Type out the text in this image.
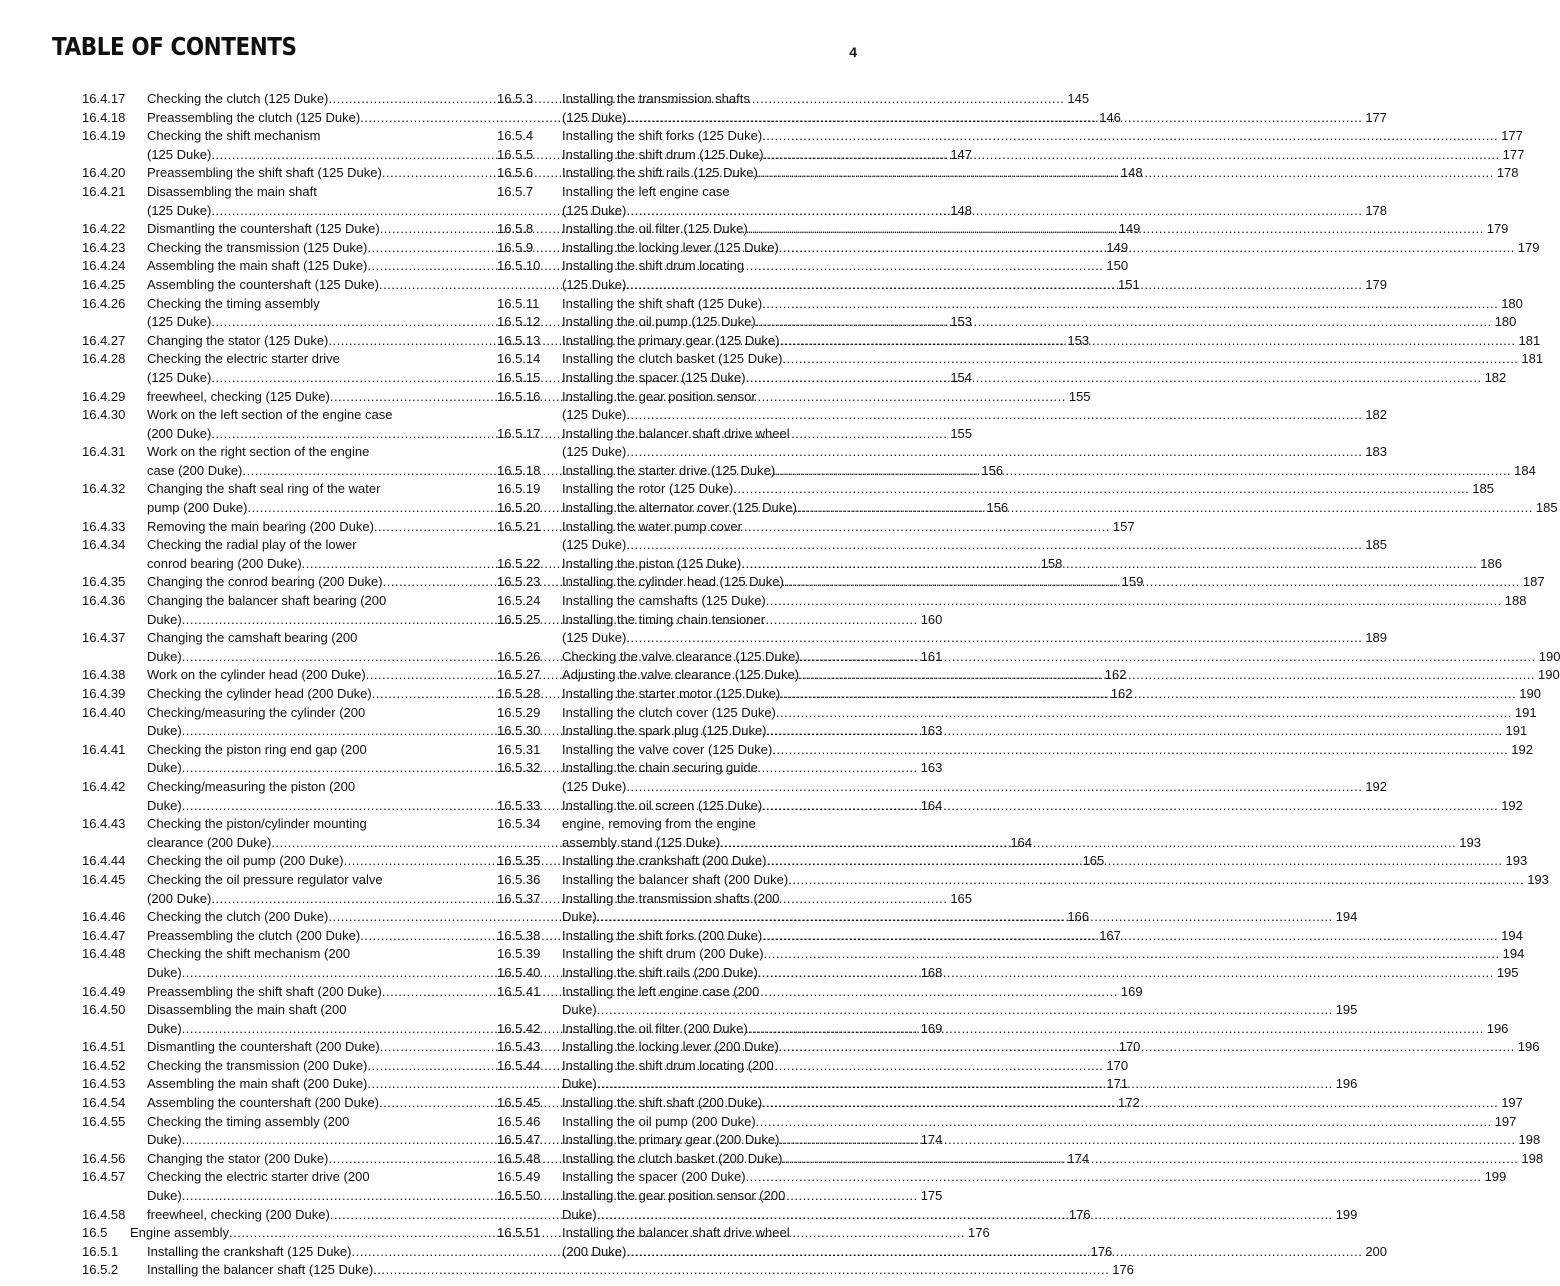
TABLE OF CONTENTS	4
16.4.17	Checking the clutch (125 Duke) .....	145
16.4.18	Preassembling the clutch (125 Duke) .....	146
16.4.19	Checking the shift mechanism
(125 Duke) .....	147
16.4.20	Preassembling the shift shaft (125 Duke) .....	148
16.4.21	Disassembling the main shaft
(125 Duke) .....	148
16.4.22	Dismantling the countershaft (125 Duke) .....	149
16.4.23	Checking the transmission (125 Duke) .....	149
16.4.24	Assembling the main shaft (125 Duke) .....	150
16.4.25	Assembling the countershaft (125 Duke) .....	151
16.4.26	Checking the timing assembly
(125 Duke) .....	153
16.4.27	Changing the stator (125 Duke) .....	153
16.4.28	Checking the electric starter drive
(125 Duke) .....	154
16.4.29	freewheel, checking (125 Duke) .....	155
16.4.30	Work on the left section of the engine case
(200 Duke) .....	155
16.4.31	Work on the right section of the engine
case (200 Duke) .....	156
16.4.32	Changing the shaft seal ring of the water
pump (200 Duke) .....	156
16.4.33	Removing the main bearing (200 Duke) .....	157
16.4.34	Checking the radial play of the lower
conrod bearing (200 Duke) .....	158
16.4.35	Changing the conrod bearing (200 Duke) .....	159
16.4.36	Changing the balancer shaft bearing (200
Duke) .....	160
16.4.37	Changing the camshaft bearing (200
Duke) .....	161
16.4.38	Work on the cylinder head (200 Duke) .....	162
16.4.39	Checking the cylinder head (200 Duke) .....	162
16.4.40	Checking/measuring the cylinder (200
Duke) .....	163
16.4.41	Checking the piston ring end gap (200
Duke) .....	163
16.4.42	Checking/measuring the piston (200
Duke) .....	164
16.4.43	Checking the piston/cylinder mounting
clearance (200 Duke) .....	164
16.4.44	Checking the oil pump (200 Duke) .....	165
16.4.45	Checking the oil pressure regulator valve
(200 Duke) .....	165
16.4.46	Checking the clutch (200 Duke) .....	166
16.4.47	Preassembling the clutch (200 Duke) .....	167
16.4.48	Checking the shift mechanism (200
Duke) .....	168
16.4.49	Preassembling the shift shaft (200 Duke) .....	169
16.4.50	Disassembling the main shaft (200
Duke) .....	169
16.4.51	Dismantling the countershaft (200 Duke) .....	170
16.4.52	Checking the transmission (200 Duke) .....	170
16.4.53	Assembling the main shaft (200 Duke) .....	171
16.4.54	Assembling the countershaft (200 Duke) .....	172
16.4.55	Checking the timing assembly (200
Duke) .....	174
16.4.56	Changing the stator (200 Duke) .....	174
16.4.57	Checking the electric starter drive (200
Duke) .....	175
16.4.58	freewheel, checking (200 Duke) .....	176
16.5	Engine assembly .....	176
16.5.1	Installing the crankshaft (125 Duke) .....	176
16.5.2	Installing the balancer shaft (125 Duke) .....	176
16.5.3	Installing the transmission shafts
(125 Duke) .....	177
16.5.4	Installing the shift forks (125 Duke) .....	177
16.5.5	Installing the shift drum (125 Duke) .....	177
16.5.6	Installing the shift rails (125 Duke) .....	178
16.5.7	Installing the left engine case
(125 Duke) .....	178
16.5.8	Installing the oil filter (125 Duke) .....	179
16.5.9	Installing the locking lever (125 Duke) .....	179
16.5.10	Installing the shift drum locating
(125 Duke) .....	179
16.5.11	Installing the shift shaft (125 Duke) .....	180
16.5.12	Installing the oil pump (125 Duke) .....	180
16.5.13	Installing the primary gear (125 Duke) .....	181
16.5.14	Installing the clutch basket (125 Duke) .....	181
16.5.15	Installing the spacer (125 Duke) .....	182
16.5.16	Installing the gear position sensor
(125 Duke) .....	182
16.5.17	Installing the balancer shaft drive wheel
(125 Duke) .....	183
16.5.18	Installing the starter drive (125 Duke) .....	184
16.5.19	Installing the rotor (125 Duke) .....	185
16.5.20	Installing the alternator cover (125 Duke) .....	185
16.5.21	Installing the water pump cover
(125 Duke) .....	185
16.5.22	Installing the piston (125 Duke) .....	186
16.5.23	Installing the cylinder head (125 Duke) .....	187
16.5.24	Installing the camshafts (125 Duke) .....	188
16.5.25	Installing the timing chain tensioner
(125 Duke) .....	189
16.5.26	Checking the valve clearance (125 Duke) .....	190
16.5.27	Adjusting the valve clearance (125 Duke) .....	190
16.5.28	Installing the starter motor (125 Duke) .....	190
16.5.29	Installing the clutch cover (125 Duke) .....	191
16.5.30	Installing the spark plug (125 Duke) .....	191
16.5.31	Installing the valve cover (125 Duke) .....	192
16.5.32	Installing the chain securing guide
(125 Duke) .....	192
16.5.33	Installing the oil screen (125 Duke) .....	192
16.5.34	engine, removing from the engine
assembly stand (125 Duke) .....	193
16.5.35	Installing the crankshaft (200 Duke) .....	193
16.5.36	Installing the balancer shaft (200 Duke) .....	193
16.5.37	Installing the transmission shafts (200
Duke) .....	194
16.5.38	Installing the shift forks (200 Duke) .....	194
16.5.39	Installing the shift drum (200 Duke) .....	194
16.5.40	Installing the shift rails (200 Duke) .....	195
16.5.41	Installing the left engine case (200
Duke) .....	195
16.5.42	Installing the oil filter (200 Duke) .....	196
16.5.43	Installing the locking lever (200 Duke) .....	196
16.5.44	Installing the shift drum locating (200
Duke) .....	196
16.5.45	Installing the shift shaft (200 Duke) .....	197
16.5.46	Installing the oil pump (200 Duke) .....	197
16.5.47	Installing the primary gear (200 Duke) .....	198
16.5.48	Installing the clutch basket (200 Duke) .....	198
16.5.49	Installing the spacer (200 Duke) .....	199
16.5.50	Installing the gear position sensor (200
Duke) .....	199
16.5.51	Installing the balancer shaft drive wheel
(200 Duke) .....	200
